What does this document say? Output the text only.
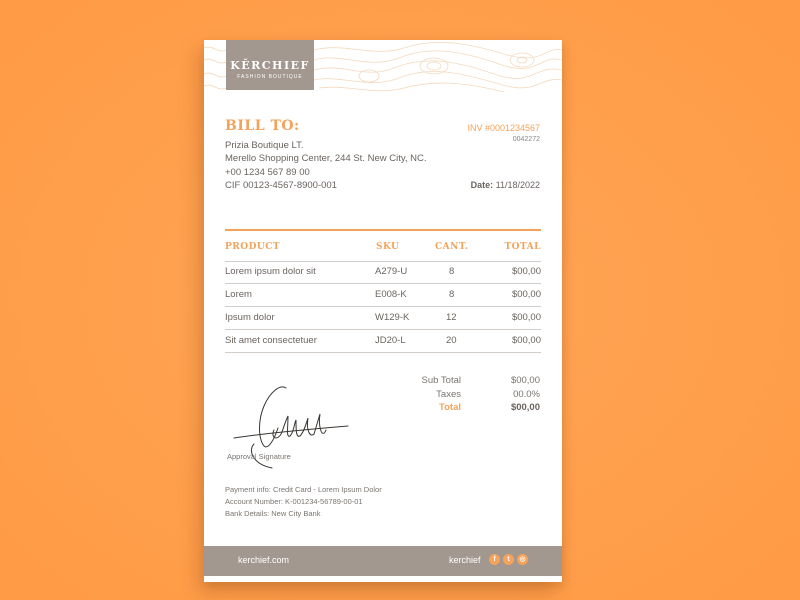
KĔRCHIEF
FASHION BOUTIQUE
BILL TO:
Prizia Boutique LT.
Merello Shopping Center, 244 St. New City, NC.
+00 1234 567 89 00
CIF 00123-4567-8900-001
INV #0001234567
0042272
Date: 11/18/2022
PRODUCT	SKU	CANT.	TOTAL
Lorem ipsum dolor sit	A279-U	8	$00,00
Lorem	E008-K	8	$00,00
Ipsum dolor	W129-K	12	$00,00
Sit amet consectetuer	JD20-L	20	$00,00
Sub Total	$00,00
Taxes	00.0%
Total	$00,00
Approval Signature
Payment info: Credit Card - Lorem Ipsum Dolor
Account Number: K-001234-56789-00-01
Bank Details: New City Bank
kerchief.com	kerchief	f	t	◎
